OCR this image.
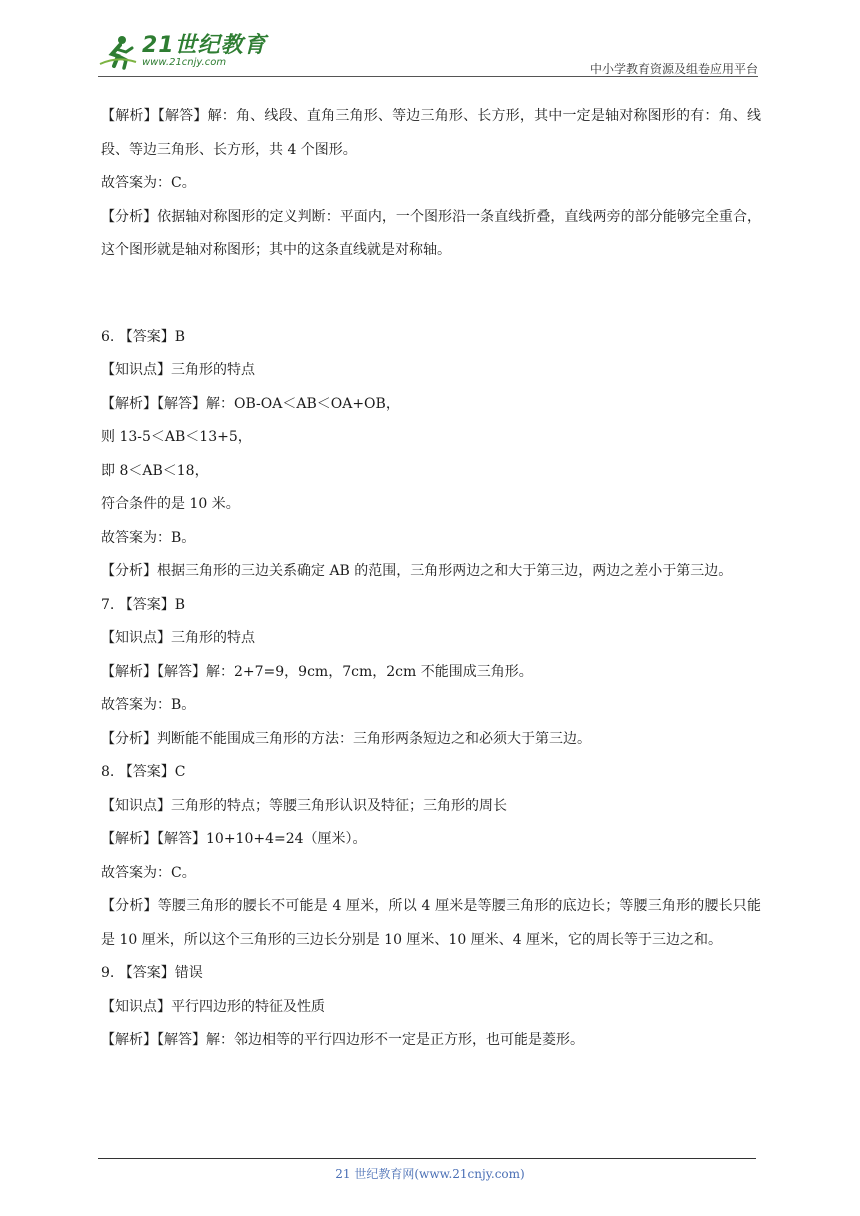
21世纪教育
www.21cnjy.com	中小学教育资源及组卷应用平台

【解析】【解答】解：角、线段、直角三角形、等边三角形、长方形，其中一定是轴对称图形的有：角、线段、等边三角形、长方形，共 4 个图形。

故答案为：C。

【分析】依据轴对称图形的定义判断：平面内，一个图形沿一条直线折叠，直线两旁的部分能够完全重合，这个图形就是轴对称图形；其中的这条直线就是对称轴。

6. 【答案】B

【知识点】三角形的特点

【解析】【解答】解：OB-OA＜AB＜OA+OB，

则 13-5＜AB＜13+5，

即 8＜AB＜18，

符合条件的是 10 米。

故答案为：B。

【分析】根据三角形的三边关系确定 AB 的范围，三角形两边之和大于第三边，两边之差小于第三边。

7. 【答案】B

【知识点】三角形的特点

【解析】【解答】解：2+7=9，9cm，7cm，2cm 不能围成三角形。

故答案为：B。

【分析】判断能不能围成三角形的方法：三角形两条短边之和必须大于第三边。

8. 【答案】C

【知识点】三角形的特点；等腰三角形认识及特征；三角形的周长

【解析】【解答】10+10+4=24（厘米）。

故答案为：C。

【分析】等腰三角形的腰长不可能是 4 厘米，所以 4 厘米是等腰三角形的底边长；等腰三角形的腰长只能是 10 厘米，所以这个三角形的三边长分别是 10 厘米、10 厘米、4 厘米，它的周长等于三边之和。

9. 【答案】错误

【知识点】平行四边形的特征及性质

【解析】【解答】解：邻边相等的平行四边形不一定是正方形，也可能是菱形。

21 世纪教育网(www.21cnjy.com)
